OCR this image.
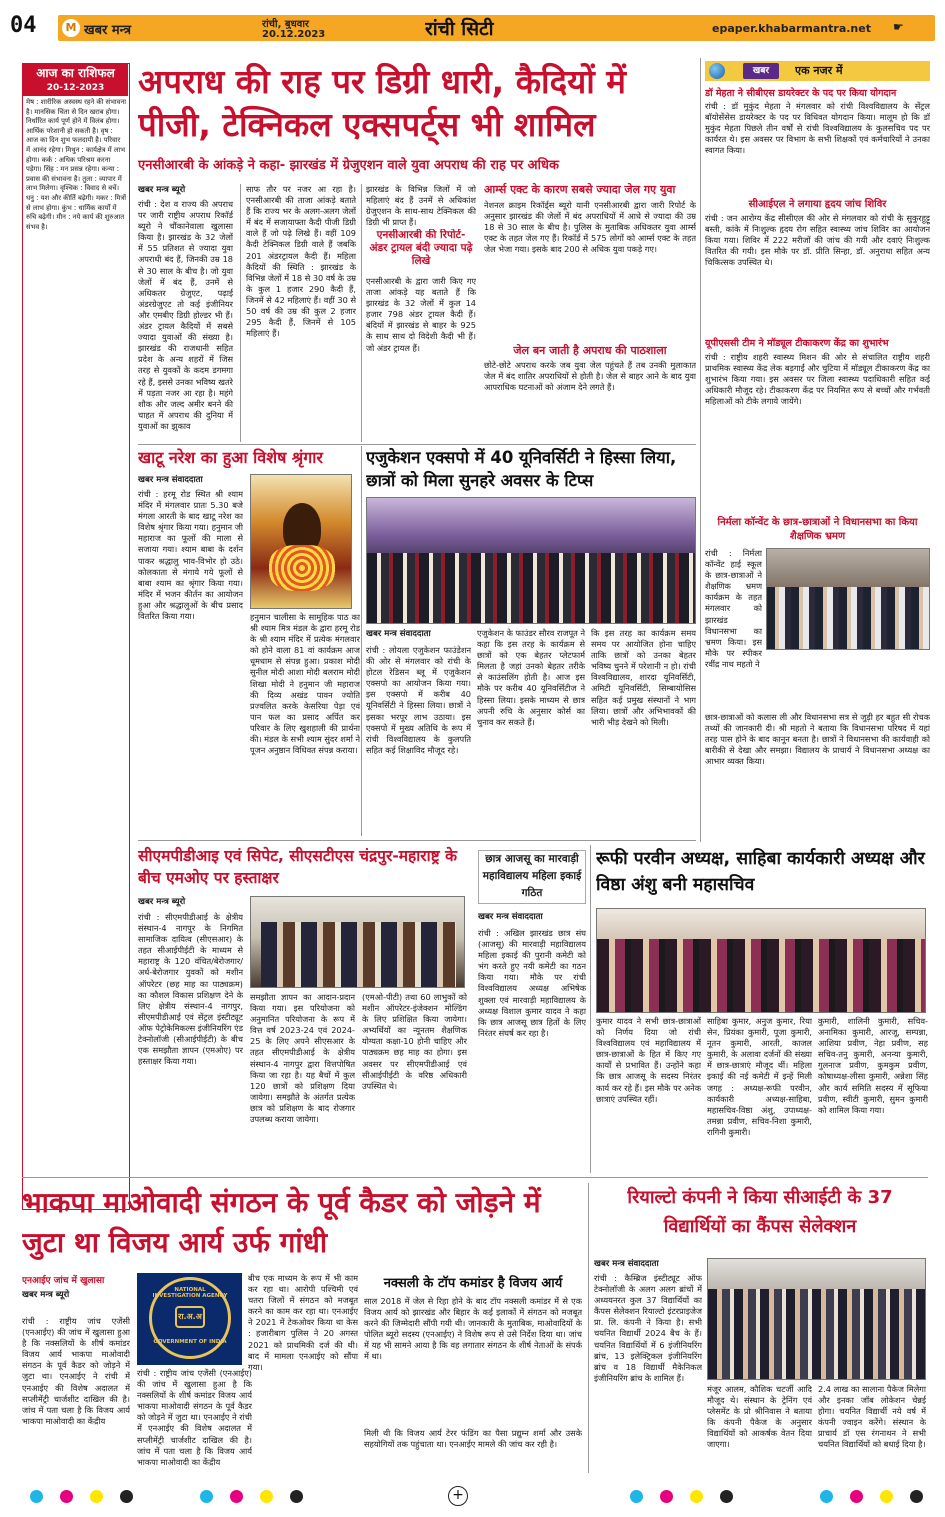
04	M खबर मन्त्र	रांची, बुधवार
20.12.2023	रांची सिटी	epaper.khabarmantra.net	☛
आज का राशिफल
20-12-2023
मेष : शारीरिक अस्वस्थ रहने की संभावना है। मानसिक चिंता से दिन खराब होगा। निर्धारित कार्य पूर्ण होने में विलंब होगा। आर्थिक परेशानी हो सकती है। वृष : आज का दिन शुभ फलदायी है। परिवार में आनंद रहेगा। मिथुन : कार्यक्षेत्र में लाभ होगा। कर्क : अधिक परिश्रम करना पड़ेगा। सिंह : मन प्रसन्न रहेगा। कन्या : प्रवास की संभावना है। तुला : व्यापार में लाभ मिलेगा। वृश्चिक : विवाद से बचें। धनु : यश और कीर्ति बढ़ेगी। मकर : मित्रों से लाभ होगा। कुंभ : धार्मिक कार्यों में रुचि बढ़ेगी। मीन : नये कार्य की शुरुआत संभव है।
अपराध की राह पर डिग्री धारी, कैदियों में पीजी, टेक्निकल एक्सपर्ट्स भी शामिल
एनसीआरबी के आंकड़े ने कहा- झारखंड में ग्रेजुएशन वाले युवा अपराध की राह पर अधिक
खबर मन्त्र ब्यूरो
रांची : देश व राज्य की अपराध पर जारी राष्ट्रीय अपराध रिकॉर्ड ब्यूरो ने चौंकानेवाला खुलासा किया है। झारखंड के 32 जेलों में 55 प्रतिशत से ज्यादा युवा अपराधी बंद हैं, जिनकी उम्र 18 से 30 साल के बीच है। जो युवा जेलों में बंद हैं, उनमें से अधिकतर ग्रेजुएट, पढ़ाई अंडरग्रेजुएट तो कई इंजीनियर और एमबीए डिग्री होल्डर भी हैं। अंडर ट्रायल कैदियों में सबसे ज्यादा युवाओं की संख्या है। झारखंड की राजधानी सहित प्रदेश के अन्य शहरों में जिस तरह से युवकों के कदम डगमगा रहे हैं, इससे उनका भविष्य खतरे में पड़ता नजर आ रहा है। महंगे शौक और जल्द अमीर बनने की चाहत में अपराध की दुनिया में युवाओं का झुकाव
साफ तौर पर नजर आ रहा है। एनसीआरबी की ताजा आंकड़े बताते हैं कि राज्य भर के अलग-अलग जेलों में बंद में सजायाफ्ता कैदी पीजी डिग्री वाले हैं जो पढ़े लिखे हैं। वहीं 109 कैदी टेक्निकल डिग्री वाले हैं जबकि 201 अंडरट्रायल कैदी हैं। महिला कैदियों की स्थिति : झारखंड के विभिन्न जेलों में 18 से 30 वर्ष के उम्र के कुल 1 हजार 290 कैदी हैं, जिनमें से 42 महिलाएं हैं। वहीं 30 से 50 वर्ष की उम्र की कुल 2 हजार 295 कैदी हैं, जिनमें से 105 महिलाएं हैं।
झारखंड के विभिन्न जिलों में जो महिलाएं बंद हैं उनमें से अधिकांश ग्रेजुएशन के साथ-साथ टेक्निकल की डिग्री भी प्राप्त हैं।
एनसीआरबी की रिपोर्ट- अंडर ट्रायल बंदी ज्यादा पढ़े लिखे
एनसीआरबी के द्वारा जारी किए गए ताजा आंकड़े यह बताते हैं कि झारखंड के 32 जेलों में कुल 14 हजार 798 अंडर ट्रायल कैदी हैं। बंदियों में झारखंड से बाहर के 925 के साथ साथ दो विदेशी कैदी भी हैं। जो अंडर ट्रायल हैं।
आर्म्स एक्ट के कारण सबसे ज्यादा जेल गए युवा
नेशनल क्राइम रिकॉर्ड्स ब्यूरो यानी एनसीआरबी द्वारा जारी रिपोर्ट के अनुसार झारखंड की जेलों में बंद अपराधियों में आधे से ज्यादा की उम्र 18 से 30 साल के बीच है। पुलिस के मुताबिक अधिकतर युवा आर्म्स एक्ट के तहत जेल गए हैं। रिकॉर्ड में 575 लोगों को आर्म्स एक्ट के तहत जेल भेजा गया। इसके बाद 200 से अधिक युवा पकड़े गए।
जेल बन जाती है अपराध की पाठशाला
छोटे-छोटे अपराध करके जब युवा जेल पहुंचते हैं तब उनकी मुलाकात जेल में बंद शातिर अपराधियों से होती है। जेल से बाहर आने के बाद युवा आपराधिक घटनाओं को अंजाम देने लगते हैं।
खाटू नरेश का हुआ विशेष श्रृंगार
खबर मन्त्र संवाददाता
रांची : हरमू रोड स्थित श्री श्याम मंदिर में मंगलवार प्रातः 5.30 बजे मंगला आरती के बाद खाटू नरेश का विशेष श्रृंगार किया गया। हनुमान जी महाराज का फूलों की माला से सजाया गया। श्याम बाबा के दर्शन पाकर श्रद्धालु भाव-विभोर हो उठे। कोलकाता से मंगाये गये फूलों से बाबा श्याम का श्रृंगार किया गया। मंदिर में भजन कीर्तन का आयोजन हुआ और श्रद्धालुओं के बीच प्रसाद वितरित किया गया।	हनुमान चालीसा के सामूहिक पाठ का श्री श्याम मित्र मंडल के द्वारा हरमू रोड के श्री श्याम मंदिर में प्रत्येक मंगलवार को होने वाला 81 वां कार्यक्रम आज धूमधाम से संपन्न हुआ। प्रकाश मोदी सुनील मोदी आशा मोदी बलराम मोदी शिखा मोदी ने हनुमान जी महाराज की दिव्य अखंड पावन ज्योति प्रज्वलित करके केसरिया पेड़ा एवं पान फल का प्रसाद अर्पित कर परिवार के लिए खुशहाली की प्रार्थना की। मंडल के सभी श्याम सुंदर शर्मा ने पूजन अनुष्ठान विधिवत संपन्न कराया।
एजुकेशन एक्सपो में 40 यूनिवर्सिटी ने हिस्सा लिया, छात्रों को मिला सुनहरे अवसर के टिप्स
खबर मन्त्र संवाददाता
रांची : लोयला एजुकेशन फाउंडेशन की ओर से मंगलवार को रांची के होटल रेडिसन ब्लू में एजुकेशन एक्सपो का आयोजन किया गया। इस एक्सपो में करीब 40 यूनिवर्सिटी ने हिस्सा लिया। छात्रों ने इसका भरपूर लाभ उठाया। इस एक्सपो में मुख्य अतिथि के रूप में रांची विश्वविद्यालय के कुलपति सहित कई शिक्षाविद मौजूद रहे।
एजुकेशन के फाउंडर सौरव राजपूत ने कहा कि इस तरह के कार्यक्रम से छात्रों को एक बेहतर प्लेटफार्म मिलता है जहां उनको बेहतर तरीके से काउंसलिंग होती है। आज इस मौके पर करीब 40 यूनिवर्सिटीज ने हिस्सा लिया। इसके माध्यम से छात्र अपनी रुचि के अनुसार कोर्स का चुनाव कर सकते हैं।
कि इस तरह का कार्यक्रम समय समय पर आयोजित होना चाहिए ताकि छात्रों को उनका बेहतर भविष्य चुनने में परेशानी न हो। रांची विश्वविद्यालय, शारदा यूनिवर्सिटी, अमिटी यूनिवर्सिटी, सिम्बायोसिस सहित कई प्रमुख संस्थानों ने भाग लिया। छात्रों और अभिभावकों की भारी भीड़ देखने को मिली।
सीएमपीडीआइ एवं सिपेट, सीएसटीएस चंद्रपुर-महाराष्ट्र के बीच एमओए पर हस्ताक्षर
खबर मन्त्र ब्यूरो
रांची : सीएमपीडीआई के क्षेत्रीय संस्थान-4 नागपुर के निगमित सामाजिक दायित्व (सीएसआर) के तहत सीआईपीईटी के माध्यम से महाराष्ट्र के 120 वंचित/बेरोजगार/अर्ध-बेरोजगार युवकों को मशीन ऑपरेटर (छह माह का पाठ्यक्रम) का कौशल विकास प्रशिक्षण देने के लिए क्षेत्रीय संस्थान-4 नागपुर, सीएमपीडीआई एवं सेंट्रल इंस्टीट्यूट ऑफ पेट्रोकेमिकल्स इंजीनियरिंग एंड टेक्नोलॉजी (सीआईपीईटी) के बीच एक समझौता ज्ञापन (एमओए) पर हस्ताक्षर किया गया।
समझौता ज्ञापन का आदान-प्रदान किया गया। इस परियोजना को अनुमानित परियोजना के रूप में वित्त वर्ष 2023-24 एवं 2024-25 के लिए अपने सीएसआर के तहत सीएमपीडीआई के क्षेत्रीय संस्थान-4 नागपुर द्वारा वित्तपोषित किया जा रहा है। यह बैचों में कुल 120 छात्रों को प्रशिक्षण दिया जायेगा। समझौते के अंतर्गत प्रत्येक छात्र को प्रशिक्षण के बाद रोजगार उपलब्ध कराया जायेगा।
(एमओ-पीटी) तथा 60 लाभुकों को मशीन ऑपरेटर-इंजेक्शन मोल्डिंग के लिए प्रशिक्षित किया जायेगा। अभ्यर्थियों का न्यूनतम शैक्षणिक योग्यता कक्षा-10 होनी चाहिए और पाठ्यक्रम छह माह का होगा। इस अवसर पर सीएमपीडीआई एवं सीआईपीईटी के वरिष्ठ अधिकारी उपस्थित थे।
छात्र आजसू का मारवाड़ी महाविद्यालय महिला इकाई गठित
खबर मन्त्र संवाददाता
रांची : अखिल झारखंड छात्र संघ (आजसू) की मारवाड़ी महाविद्यालय महिला इकाई की पुरानी कमेटी को भंग करते हुए नयी कमेटी का गठन किया गया। मौके पर रांची विश्वविद्यालय अध्यक्ष अभिषेक शुक्ला एवं मारवाड़ी महाविद्यालय के अध्यक्ष विशाल कुमार यादव ने कहा कि छात्र आजसू छात्र हितों के लिए निरंतर संघर्ष कर रहा है।
रूफी परवीन अध्यक्ष, साहिबा कार्यकारी अध्यक्ष और विष्ठा अंशु बनी महासचिव
कुमार यादव ने सभी छात्र-छात्राओं को निर्णय दिया जो रांची विश्वविद्यालय एवं महाविद्यालय में छात्र-छात्राओं के हित में किए गए कार्यों से प्रभावित हैं। उन्होंने कहा कि छात्र आजसू के सदस्य निरंतर कार्य कर रहे हैं। इस मौके पर अनेक छात्राएं उपस्थित रहीं।
साहिबा कुमार, अनुज कुमार, रिया सेन, प्रियंका कुमारी, पूजा कुमारी, नूतन कुमारी, आरती, काजल कुमारी, के अलावा दर्जनों की संख्या में छात्र-छात्राएं मौजूद थीं। महिला इकाई की नई कमेटी में इन्हें मिली जगह : अध्यक्ष-रूफी परवीन, कार्यकारी अध्यक्ष-साहिबा, महासचिव-विष्ठा अंशु, उपाध्यक्ष-तमन्ना प्रवीण, सचिव-निशा कुमारी, रागिनी कुमारी।
कुमारी, शालिनी कुमारी, सचिव-अनामिका कुमारी, आरजू, सम्पन्ना, आशिया प्रवीण, नेहा प्रवीण, सह सचिव-तनु कुमारी, अनन्या कुमारी, गुलनाज प्रवीण, कुमकुम प्रवीण, कोषाध्यक्ष-लीसा कुमारी, अन्नेशा सिंह और कार्य समिति सदस्य में सूफिया प्रवीण, स्वीटी कुमारी, सुमन कुमारी को शामिल किया गया।
भाकपा माओवादी संगठन के पूर्व कैडर को जोड़ने में जुटा था विजय आर्य उर्फ गांधी
एनआईए जांच में खुलासा
खबर मन्त्र ब्यूरो
रांची : राष्ट्रीय जांच एजेंसी (एनआईए) की जांच में खुलासा हुआ है कि नक्सलियों के शीर्ष कमांडर विजय आर्य भाकपा माओवादी संगठन के पूर्व कैडर को जोड़ने में जुटा था। एनआईए ने रांची में एनआईए की विशेष अदालत में सप्लीमेंट्री चार्जशीट दाखिल की है। जांच में पता चला है कि विजय आर्य भाकपा माओवादी का केंद्रीय
NATIONAL INVESTIGATION AGENCY
रा.अ.अ
GOVERNMENT OF INDIA
रांची : राष्ट्रीय जांच एजेंसी (एनआईए) की जांच में खुलासा हुआ है कि नक्सलियों के शीर्ष कमांडर विजय आर्य भाकपा माओवादी संगठन के पूर्व कैडर को जोड़ने में जुटा था। एनआईए ने रांची में एनआईए की विशेष अदालत में सप्लीमेंट्री चार्जशीट दाखिल की है। जांच में पता चला है कि विजय आर्य भाकपा माओवादी का केंद्रीय
बीच एक माध्यम के रूप में भी काम कर रहा था। आरोपी पश्चिमी एवं चतरा जिलों में संगठन को मजबूत करने का काम कर रहा था। एनआईए ने 2021 में टेकओवर किया था केस : हजारीबाग पुलिस ने 20 अगस्त 2021 को प्राथमिकी दर्ज की थी। बाद में मामला एनआईए को सौंपा गया।
नक्सली के टॉप कमांडर है विजय आर्य
साल 2018 में जेल से रिहा होने के बाद टॉप नक्सली कमांडर में से एक विजय आर्य को झारखंड और बिहार के कई इलाकों में संगठन को मजबूत करने की जिम्मेदारी सौंपी गयी थी। जानकारी के मुताबिक, माओवादियों के पोलित ब्यूरो सदस्य (एनआईए) ने विशेष रूप से उसे निर्देश दिया था। जांच में यह भी सामने आया है कि वह लगातार संगठन के शीर्ष नेताओं के संपर्क में था।
मिली थी कि विजय आर्य टेरर फंडिंग का पैसा प्रद्युम्न शर्मा और उसके सहयोगियों तक पहुंचाता था। एनआईए मामले की जांच कर रही है।
रियाल्टो कंपनी ने किया सीआईटी के 37 विद्यार्थियों का कैंपस सेलेक्शन
खबर मन्त्र संवाददाता
रांची : कैम्ब्रिज इंस्टीट्यूट ऑफ टेक्नोलॉजी के अलग अलग ब्रांचों में अध्ययनरत कुल 37 विद्यार्थियों का कैंपस सेलेक्शन रियाल्टो इंटरप्राइजेज प्रा. लि. कंपनी ने किया है। सभी चयनित विद्यार्थी 2024 बैच के हैं। चयनित विद्यार्थियों में 6 इंजीनियरिंग ब्रांच, 13 इलेक्ट्रिकल इंजीनियरिंग ब्रांच व 18 विद्यार्थी मैकेनिकल इंजीनियरिंग ब्रांच के शामिल हैं।
मंजूर आलम, कौशिक चटर्जी आदि मौजूद थे। संस्थान के ट्रेनिंग एवं प्लेसमेंट के प्रो श्रीनिवास ने बताया कि कंपनी पैकेज के अनुसार विद्यार्थियों को आकर्षक वेतन दिया जाएगा।
2.4 लाख का सालाना पैकेज मिलेगा और इनका जॉब लोकेशन चेन्नई होगा। चयनित विद्यार्थी नये वर्ष में कंपनी ज्वाइन करेंगे। संस्थान के प्राचार्य डॉ एस रंगनाथन ने सभी चयनित विद्यार्थियों को बधाई दिया है।
खबर	एक नजर में
डॉ मेहता ने सीबीएस डायरेक्टर के पद पर किया योगदान
रांची : डॉ मुकुंद मेहता ने मंगलवार को रांची विश्वविद्यालय के सेंट्रल बॉयोसेंसेस डायरेक्टर के पद पर विधिवत योगदान किया। मालूम हो कि डॉ मुकुंद मेहता पिछले तीन वर्षों से रांची विश्वविद्यालय के कुलसचिव पद पर कार्यरत थे। इस अवसर पर विभाग के सभी शिक्षकों एवं कर्मचारियों ने उनका स्वागत किया।
सीआईएल ने लगाया हृदय जांच शिविर
रांची : जन आरोग्य केंद्र सीसीएल की ओर से मंगलवार को रांची के सुकुरहुट्टू बस्ती, कांके में निःशुल्क हृदय रोग सहित स्वास्थ्य जांच शिविर का आयोजन किया गया। शिविर में 222 मरीजों की जांच की गयी और दवाएं निःशुल्क वितरित की गयी। इस मौके पर डॉ. प्रीति सिन्हा, डॉ. अनुराधा सहित अन्य चिकित्सक उपस्थित थे।
यूपीएससी टीम ने मॉड्यूल टीकाकरण केंद्र का शुभारंभ
रांची : राष्ट्रीय शहरी स्वास्थ्य मिशन की ओर से संचालित राष्ट्रीय शहरी प्राथमिक स्वास्थ्य केंद्र लेक बड़गाईं और चुटिया में मॉड्यूल टीकाकरण केंद्र का शुभारंभ किया गया। इस अवसर पर जिला स्वास्थ्य पदाधिकारी सहित कई अधिकारी मौजूद रहे। टीकाकरण केंद्र पर नियमित रूप से बच्चों और गर्भवती महिलाओं को टीके लगाये जायेंगे।
निर्मला कॉन्वेंट के छात्र-छात्राओं ने विधानसभा का किया शैक्षणिक भ्रमण
रांची : निर्मला कॉन्वेंट हाई स्कूल के छात्र-छात्राओं ने शैक्षणिक भ्रमण कार्यक्रम के तहत मंगलवार को झारखंड विधानसभा का भ्रमण किया। इस मौके पर स्पीकर रवींद्र नाथ महतो ने
छात्र-छात्राओं को कलास ली और विधानसभा सत्र से जुड़ी हर बहुत सी रोचक तथ्यों की जानकारी दी। श्री महतो ने बताया कि विधानसभा परिषद में यहां तरह पास होने के बाद कानून बनता है। छात्रों ने विधानसभा की कार्यवाही को बारीकी से देखा और समझा। विद्यालय के प्राचार्य ने विधानसभा अध्यक्ष का आभार व्यक्त किया।
+
